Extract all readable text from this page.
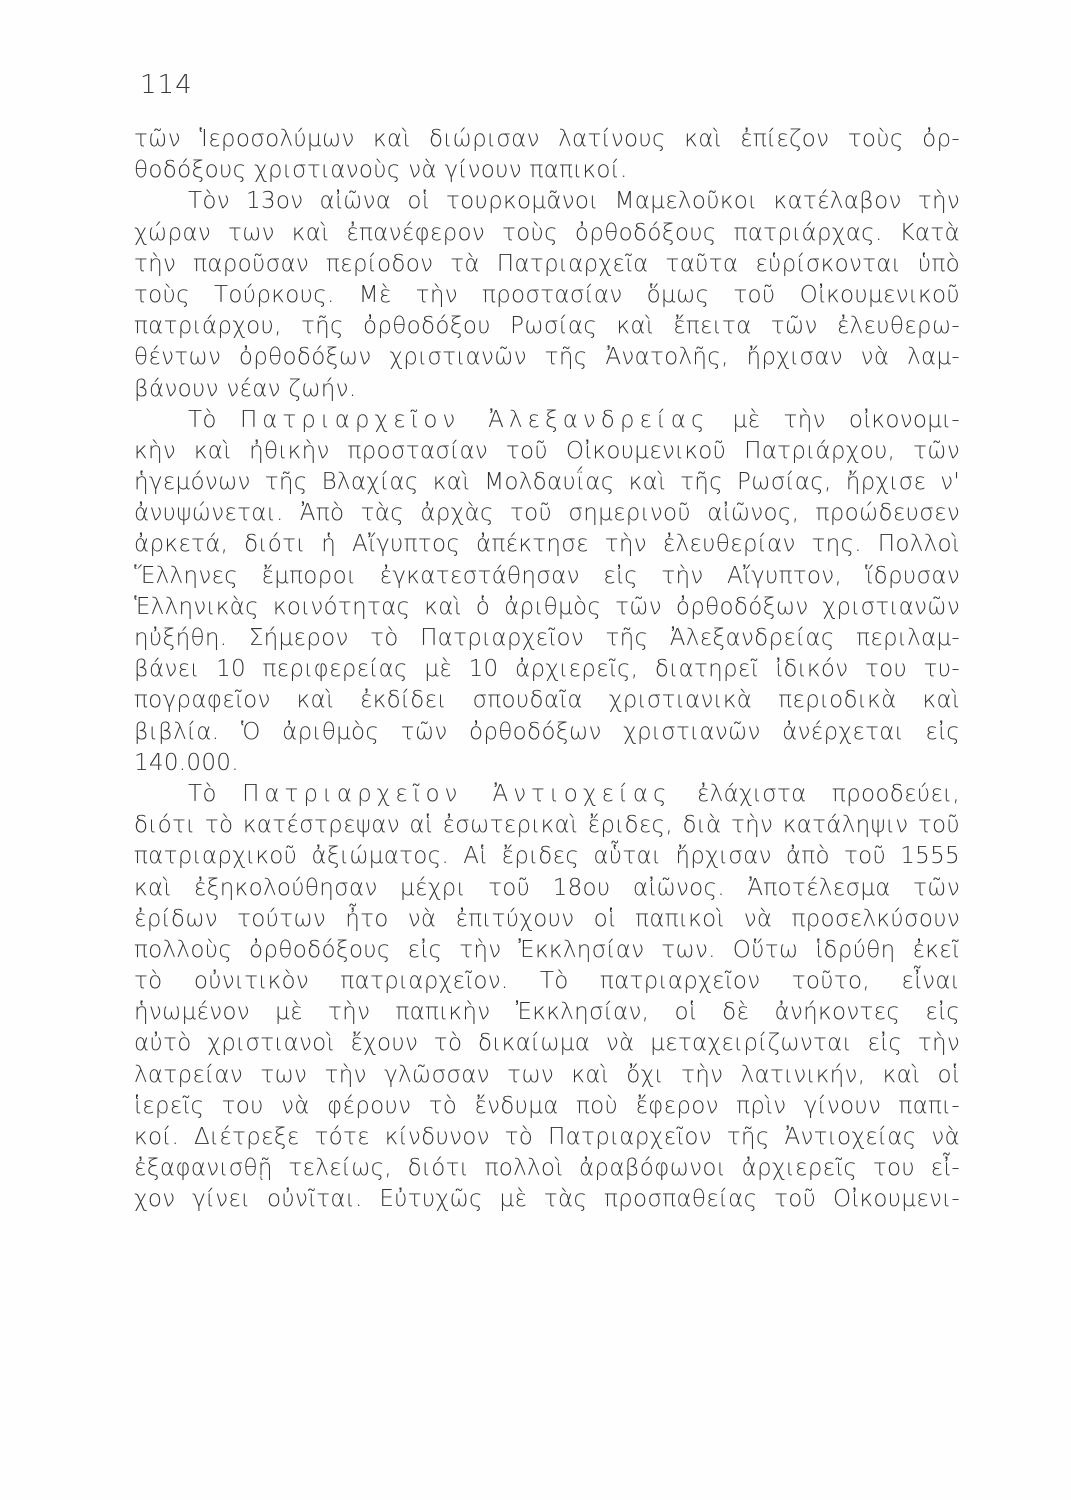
114
τῶν Ἱεροσολύμων καὶ διώρισαν λατίνους καὶ ἐπίεζον τοὺς ὀρ-
θοδόξους χριστιανοὺς νὰ γίνουν παπικοί.
Τὸν 13ον αἰῶνα οἱ τουρκομᾶνοι Μαμελοῦκοι κατέλαβον τὴν
χώραν των καὶ ἐπανέφερον τοὺς ὀρθοδόξους πατριάρχας. Κατὰ
τὴν παροῦσαν περίοδον τὰ Πατριαρχεῖα ταῦτα εὑρίσκονται ὑπὸ
τοὺς Τούρκους. Μὲ τὴν προστασίαν ὅμως τοῦ Οἰκουμενικοῦ
πατριάρχου, τῆς ὀρθοδόξου Ρωσίας καὶ ἔπειτα τῶν ἐλευθερω-
θέντων ὀρθοδόξων χριστιανῶν τῆς Ἀνατολῆς, ἤρχισαν νὰ λαμ-
βάνουν νέαν ζωήν.
Τὸ Πατριαρχεῖον Ἀλεξανδρείας μὲ τὴν οἰκονομι-
κὴν καὶ ἠθικὴν προστασίαν τοῦ Οἰκουμενικοῦ Πατριάρχου, τῶν
ἡγεμόνων τῆς Βλαχίας καὶ Μολδαυΐας καὶ τῆς Ρωσίας, ἤρχισε ν'
ἀνυψώνεται. Ἀπὸ τὰς ἀρχὰς τοῦ σημερινοῦ αἰῶνος, προώδευσεν
ἀρκετά, διότι ἡ Αἴγυπτος ἀπέκτησε τὴν ἐλευθερίαν της. Πολλοὶ
Ἕλληνες ἔμποροι ἐγκατεστάθησαν εἰς τὴν Αἴγυπτον, ἵδρυσαν
Ἑλληνικὰς κοινότητας καὶ ὁ ἀριθμὸς τῶν ὀρθοδόξων χριστιανῶν
ηὐξήθη. Σήμερον τὸ Πατριαρχεῖον τῆς Ἀλεξανδρείας περιλαμ-
βάνει 10 περιφερείας μὲ 10 ἀρχιερεῖς, διατηρεῖ ἰδικόν του τυ-
πογραφεῖον καὶ ἐκδίδει σπουδαῖα χριστιανικὰ περιοδικὰ καὶ
βιβλία. Ὁ ἀριθμὸς τῶν ὀρθοδόξων χριστιανῶν ἀνέρχεται εἰς
140.000.
Τὸ Πατριαρχεῖον Ἀντιοχείας ἐλάχιστα προοδεύει,
διότι τὸ κατέστρεψαν αἱ ἐσωτερικαὶ ἔριδες, διὰ τὴν κατάληψιν τοῦ
πατριαρχικοῦ ἀξιώματος. Αἱ ἔριδες αὗται ἤρχισαν ἀπὸ τοῦ 1555
καὶ ἐξηκολούθησαν μέχρι τοῦ 18ου αἰῶνος. Ἀποτέλεσμα τῶν
ἐρίδων τούτων ἦτο νὰ ἐπιτύχουν οἱ παπικοὶ νὰ προσελκύσουν
πολλοὺς ὀρθοδόξους εἰς τὴν Ἐκκλησίαν των. Οὕτω ἱδρύθη ἐκεῖ
τὸ οὐνιτικὸν πατριαρχεῖον. Τὸ πατριαρχεῖον τοῦτο, εἶναι
ἡνωμένον μὲ τὴν παπικὴν Ἐκκλησίαν, οἱ δὲ ἀνήκοντες εἰς
αὐτὸ χριστιανοὶ ἔχουν τὸ δικαίωμα νὰ μεταχειρίζωνται εἰς τὴν
λατρείαν των τὴν γλῶσσαν των καὶ ὄχι τὴν λατινικήν, καὶ οἱ
ἱερεῖς του νὰ φέρουν τὸ ἔνδυμα ποὺ ἔφερον πρὶν γίνουν παπι-
κοί. Διέτρεξε τότε κίνδυνον τὸ Πατριαρχεῖον τῆς Ἀντιοχείας νὰ
ἐξαφανισθῇ τελείως, διότι πολλοὶ ἀραβόφωνοι ἀρχιερεῖς του εἶ-
χον γίνει οὐνῖται. Εὐτυχῶς μὲ τὰς προσπαθείας τοῦ Οἰκουμενι-
